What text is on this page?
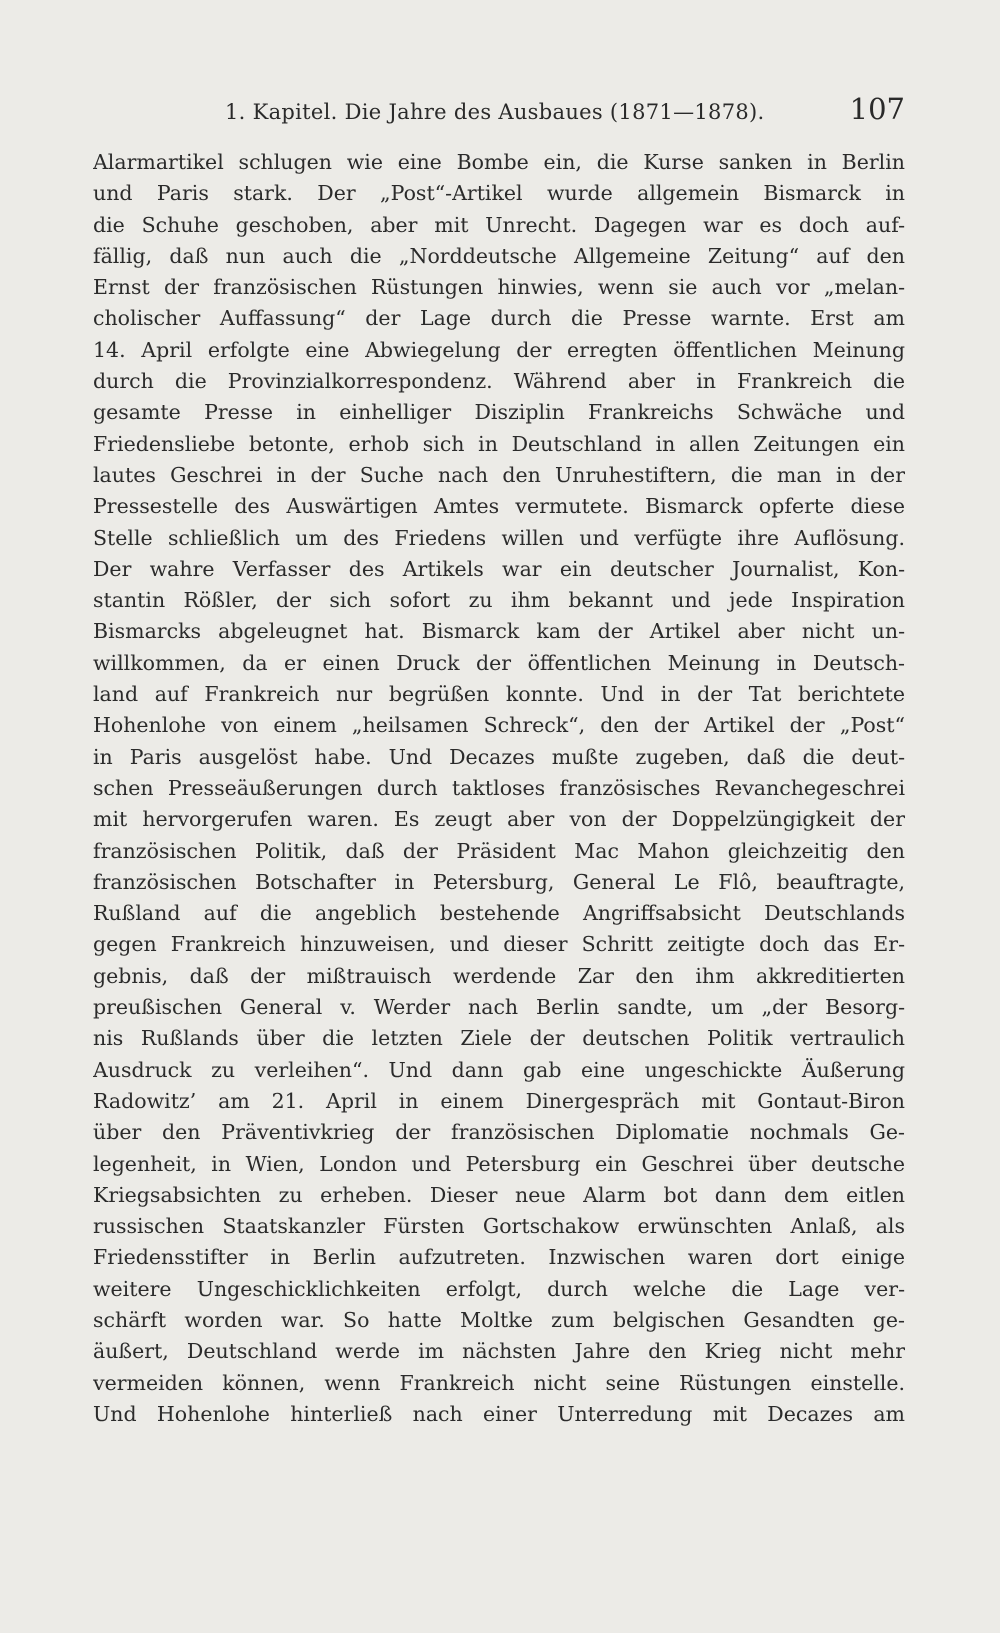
1. Kapitel. Die Jahre des Ausbaues (1871—1878).	107
Alarmartikel schlugen wie eine Bombe ein, die Kurse sanken in Berlin
und Paris stark. Der „Post“-Artikel wurde allgemein Bismarck in
die Schuhe geschoben, aber mit Unrecht. Dagegen war es doch auf-
fällig, daß nun auch die „Norddeutsche Allgemeine Zeitung“ auf den
Ernst der französischen Rüstungen hinwies, wenn sie auch vor „melan-
cholischer Auffassung“ der Lage durch die Presse warnte. Erst am
14. April erfolgte eine Abwiegelung der erregten öffentlichen Meinung
durch die Provinzialkorrespondenz. Während aber in Frankreich die
gesamte Presse in einhelliger Disziplin Frankreichs Schwäche und
Friedensliebe betonte, erhob sich in Deutschland in allen Zeitungen ein
lautes Geschrei in der Suche nach den Unruhestiftern, die man in der
Pressestelle des Auswärtigen Amtes vermutete. Bismarck opferte diese
Stelle schließlich um des Friedens willen und verfügte ihre Auflösung.
Der wahre Verfasser des Artikels war ein deutscher Journalist, Kon-
stantin Rößler, der sich sofort zu ihm bekannt und jede Inspiration
Bismarcks abgeleugnet hat. Bismarck kam der Artikel aber nicht un-
willkommen, da er einen Druck der öffentlichen Meinung in Deutsch-
land auf Frankreich nur begrüßen konnte. Und in der Tat berichtete
Hohenlohe von einem „heilsamen Schreck“, den der Artikel der „Post“
in Paris ausgelöst habe. Und Decazes mußte zugeben, daß die deut-
schen Presseäußerungen durch taktloses französisches Revanchegeschrei
mit hervorgerufen waren. Es zeugt aber von der Doppelzüngigkeit der
französischen Politik, daß der Präsident Mac Mahon gleichzeitig den
französischen Botschafter in Petersburg, General Le Flô, beauftragte,
Rußland auf die angeblich bestehende Angriffsabsicht Deutschlands
gegen Frankreich hinzuweisen, und dieser Schritt zeitigte doch das Er-
gebnis, daß der mißtrauisch werdende Zar den ihm akkreditierten
preußischen General v. Werder nach Berlin sandte, um „der Besorg-
nis Rußlands über die letzten Ziele der deutschen Politik vertraulich
Ausdruck zu verleihen“. Und dann gab eine ungeschickte Äußerung
Radowitz’ am 21. April in einem Dinergespräch mit Gontaut-Biron
über den Präventivkrieg der französischen Diplomatie nochmals Ge-
legenheit, in Wien, London und Petersburg ein Geschrei über deutsche
Kriegsabsichten zu erheben. Dieser neue Alarm bot dann dem eitlen
russischen Staatskanzler Fürsten Gortschakow erwünschten Anlaß, als
Friedensstifter in Berlin aufzutreten. Inzwischen waren dort einige
weitere Ungeschicklichkeiten erfolgt, durch welche die Lage ver-
schärft worden war. So hatte Moltke zum belgischen Gesandten ge-
äußert, Deutschland werde im nächsten Jahre den Krieg nicht mehr
vermeiden können, wenn Frankreich nicht seine Rüstungen einstelle.
Und Hohenlohe hinterließ nach einer Unterredung mit Decazes am
